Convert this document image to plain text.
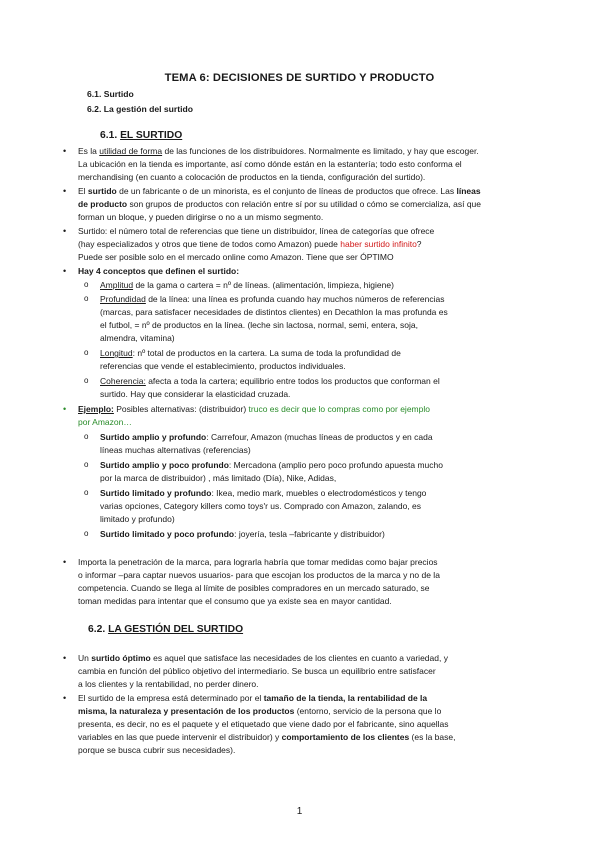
TEMA 6: DECISIONES DE SURTIDO Y PRODUCTO
6.1. Surtido
6.2. La gestión del surtido
6.1. EL SURTIDO
• Es la utilidad de forma de las funciones de los distribuidores. Normalmente es limitado, y hay que escoger.
La ubicación en la tienda es importante, así como dónde están en la estantería; todo esto conforma el
merchandising (en cuanto a colocación de productos en la tienda, configuración del surtido).
• El surtido de un fabricante o de un minorista, es el conjunto de líneas de productos que ofrece. Las líneas
de producto son grupos de productos con relación entre sí por su utilidad o cómo se comercializa, así que
forman un bloque, y pueden dirigirse o no a un mismo segmento.
• Surtido: el número total de referencias que tiene un distribuidor, línea de categorías que ofrece
(hay especializados y otros que tiene de todos como Amazon) puede haber surtido infinito?
Puede ser posible solo en el mercado online como Amazon. Tiene que ser ÓPTIMO
• Hay 4 conceptos que definen el surtido:
o Amplitud de la gama o cartera = nº de líneas. (alimentación, limpieza, higiene)
o Profundidad de la línea: una línea es profunda cuando hay muchos números de referencias
(marcas, para satisfacer necesidades de distintos clientes) en Decathlon la mas profunda es
el futbol, = nº de productos en la línea. (leche sin lactosa, normal, semi, entera, soja,
almendra, vitamina)
o Longitud: nº total de productos en la cartera. La suma de toda la profundidad de
referencias que vende el establecimiento, productos individuales.
o Coherencia: afecta a toda la cartera; equilibrio entre todos los productos que conforman el
surtido. Hay que considerar la elasticidad cruzada.
• Ejemplo: Posibles alternativas: (distribuidor) truco es decir que lo compras como por ejemplo
por Amazon…
o Surtido amplio y profundo: Carrefour, Amazon (muchas líneas de productos y en cada
líneas muchas alternativas (referencias)
o Surtido amplio y poco profundo: Mercadona (amplio pero poco profundo apuesta mucho
por la marca de distribuidor) , más limitado (Día), Nike, Adidas,
o Surtido limitado y profundo: Ikea, medio mark, muebles o electrodomésticos y tengo
varias opciones, Category killers como toys'r us. Comprado con Amazon, zalando, es
limitado y profundo)
o Surtido limitado y poco profundo: joyería, tesla –fabricante y distribuidor)
• Importa la penetración de la marca, para lograrla habría que tomar medidas como bajar precios
o informar –para captar nuevos usuarios- para que escojan los productos de la marca y no de la
competencia. Cuando se llega al límite de posibles compradores en un mercado saturado, se
toman medidas para intentar que el consumo que ya existe sea en mayor cantidad.
6.2. LA GESTIÓN DEL SURTIDO
• Un surtido óptimo es aquel que satisface las necesidades de los clientes en cuanto a variedad, y
cambia en función del público objetivo del intermediario. Se busca un equilibrio entre satisfacer
a los clientes y la rentabilidad, no perder dinero.
• El surtido de la empresa está determinado por el tamaño de la tienda, la rentabilidad de la
misma, la naturaleza y presentación de los productos (entorno, servicio de la persona que lo
presenta, es decir, no es el paquete y el etiquetado que viene dado por el fabricante, sino aquellas
variables en las que puede intervenir el distribuidor) y comportamiento de los clientes (es la base,
porque se busca cubrir sus necesidades).
1
